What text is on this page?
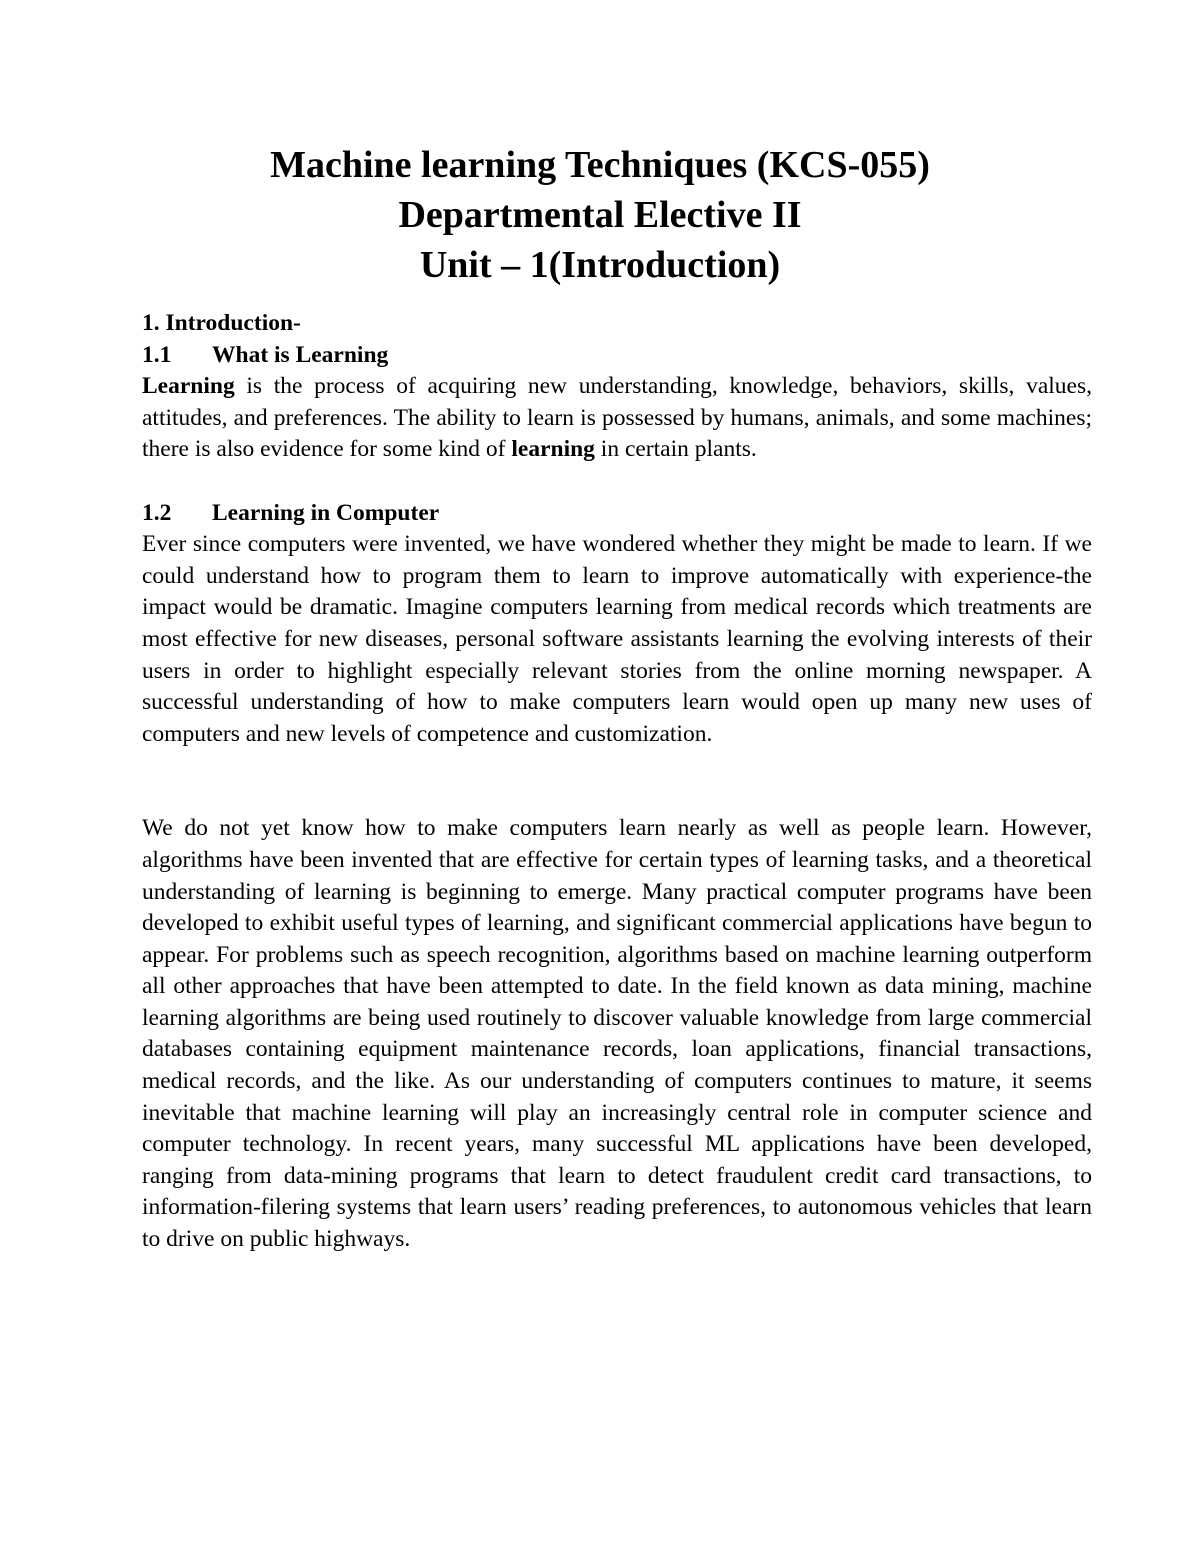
Machine learning Techniques (KCS-055)
Departmental Elective II
Unit – 1(Introduction)
1. Introduction-
1.1 What is Learning

Learning is the process of acquiring new understanding, knowledge, behaviors, skills, values, attitudes, and preferences. The ability to learn is possessed by humans, animals, and some machines; there is also evidence for some kind of learning in certain plants.

1.2 Learning in Computer

Ever since computers were invented, we have wondered whether they might be made to learn. If we could understand how to program them to learn to improve automatically with experience-the impact would be dramatic. Imagine computers learning from medical records which treatments are most effective for new diseases, personal software assistants learning the evolving interests of their users in order to highlight especially relevant stories from the online morning newspaper. A successful understanding of how to make computers learn would open up many new uses of computers and new levels of competence and customization.

We do not yet know how to make computers learn nearly as well as people learn. However, algorithms have been invented that are effective for certain types of learning tasks, and a theoretical understanding of learning is beginning to emerge. Many practical computer programs have been developed to exhibit useful types of learning, and significant commercial applications have begun to appear. For problems such as speech recognition, algorithms based on machine learning outperform all other approaches that have been attempted to date. In the field known as data mining, machine learning algorithms are being used routinely to discover valuable knowledge from large commercial databases containing equipment maintenance records, loan applications, financial transactions, medical records, and the like. As our understanding of computers continues to mature, it seems inevitable that machine learning will play an increasingly central role in computer science and computer technology. In recent years, many successful ML applications have been developed, ranging from data-mining programs that learn to detect fraudulent credit card transactions, to information-filering systems that learn users’ reading preferences, to autonomous vehicles that learn to drive on public highways.
